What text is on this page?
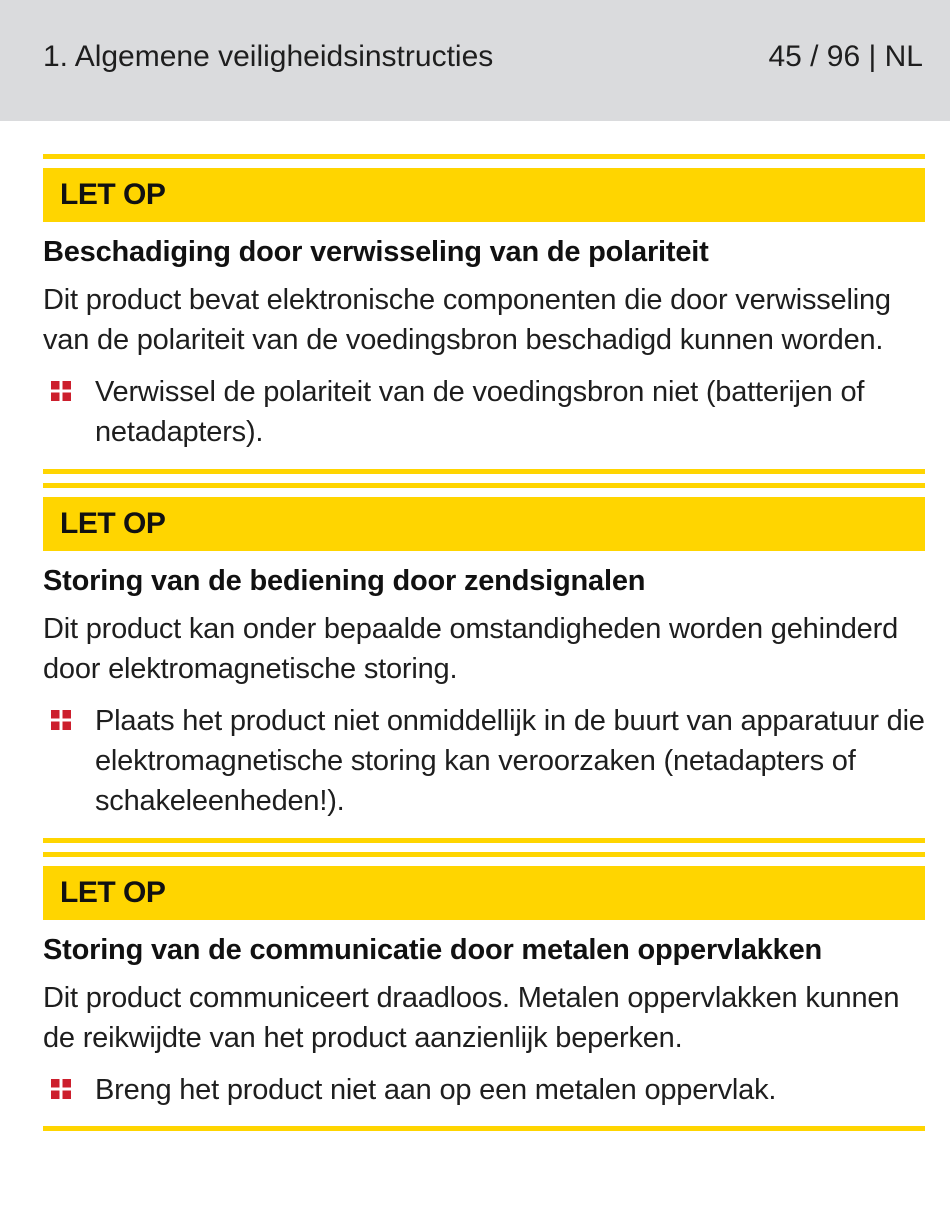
1. Algemene veiligheidsinstructies	45 / 96 | NL
LET OP
Beschadiging door verwisseling van de polariteit
Dit product bevat elektronische componenten die door verwisseling van de polariteit van de voedingsbron beschadigd kunnen worden.
Verwissel de polariteit van de voedingsbron niet (batterijen of netadapters).
LET OP
Storing van de bediening door zendsignalen
Dit product kan onder bepaalde omstandigheden worden gehinderd door elektromagnetische storing.
Plaats het product niet onmiddellijk in de buurt van apparatuur die elektromagnetische storing kan veroorzaken (netadapters of schakeleenheden!).
LET OP
Storing van de communicatie door metalen oppervlakken
Dit product communiceert draadloos. Metalen oppervlakken kunnen de reikwijdte van het product aanzienlijk beperken.
Breng het product niet aan op een metalen oppervlak.
